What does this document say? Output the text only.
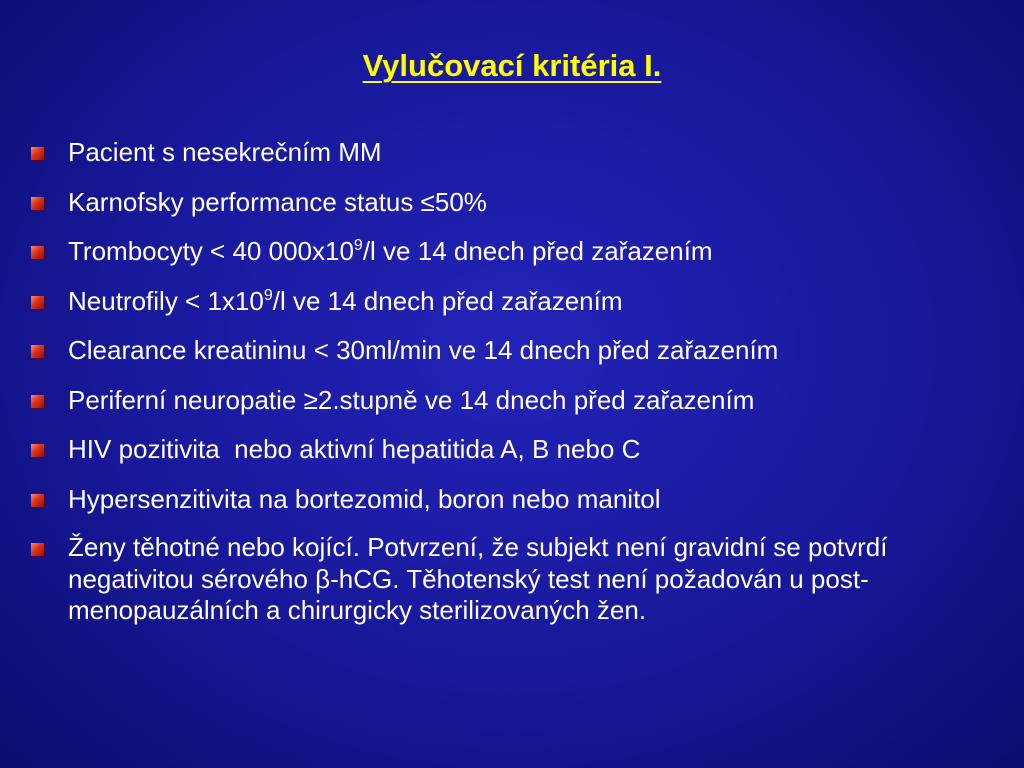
Vylučovací kritéria I.
Pacient s nesekrečním MM
Karnofsky performance status ≤50%
Trombocyty < 40 $000x10^9/l$ ve 14 dnech před zařazením
Neutrofily < $1x10^9/l$ ve 14 dnech před zařazením
Clearance kreatininu < 30ml/min ve 14 dnech před zařazením
Periferní neuropatie ≥2.stupně ve 14 dnech před zařazením
HIV pozitivita  nebo aktivní hepatitida A, B nebo C
Hypersenzitivita na bortezomid, boron nebo manitol
Ženy těhotné nebo kojící. Potvrzení, že subjekt není gravidní se potvrdí negativitou sérového β-hCG. Těhotenský test není požadován u post-menopauzálních a chirurgicky sterilizovaných žen.
